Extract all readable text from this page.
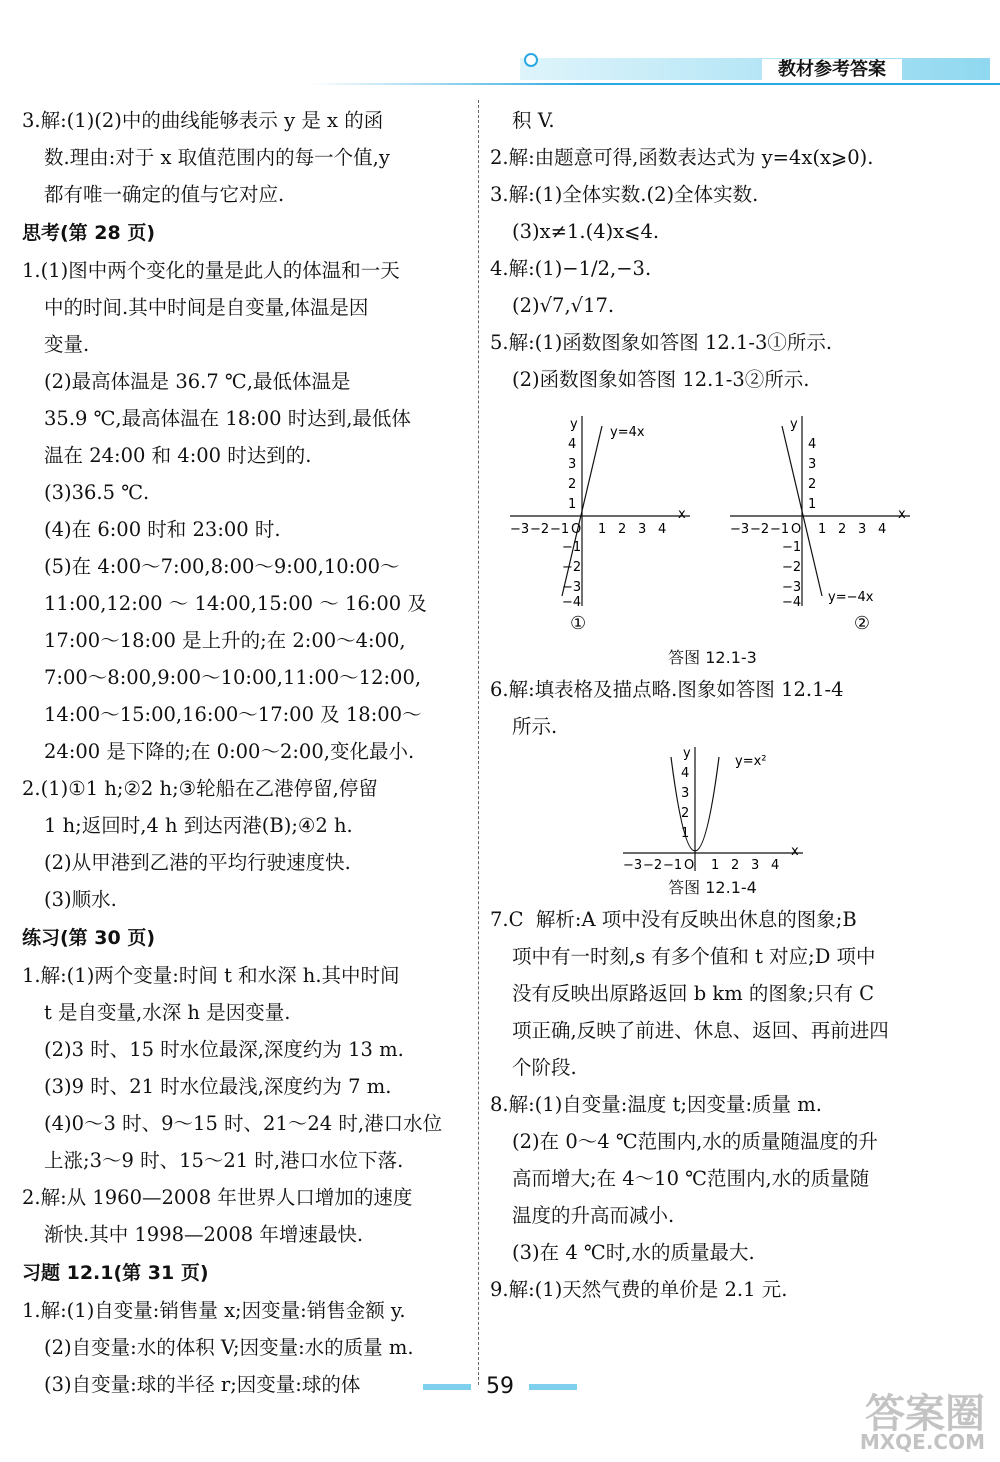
教材参考答案

3.解:(1)(2)中的曲线能够表示 y 是 x 的函

数.理由:对于 x 取值范围内的每一个值,y

都有唯一确定的值与它对应.

思考(第 28 页)

1.(1)图中两个变化的量是此人的体温和一天

中的时间.其中时间是自变量,体温是因

变量.

(2)最高体温是 36.7 ℃,最低体温是

35.9 ℃,最高体温在 18:00 时达到,最低体

温在 24:00 和 4:00 时达到的.

(3)36.5 ℃.

(4)在 6:00 时和 23:00 时.

(5)在 4:00～7:00,8:00～9:00,10:00～

11:00,12:00 ～ 14:00,15:00 ～ 16:00 及

17:00～18:00 是上升的;在 2:00～4:00,

7:00～8:00,9:00～10:00,11:00～12:00,

14:00～15:00,16:00～17:00 及 18:00～

24:00 是下降的;在 0:00～2:00,变化最小.

2.(1)①1 h;②2 h;③轮船在乙港停留,停留

1 h;返回时,4 h 到达丙港(B);④2 h.

(2)从甲港到乙港的平均行驶速度快.

(3)顺水.

练习(第 30 页)

1.解:(1)两个变量:时间 t 和水深 h.其中时间

t 是自变量,水深 h 是因变量.

(2)3 时、15 时水位最深,深度约为 13 m.

(3)9 时、21 时水位最浅,深度约为 7 m.

(4)0～3 时、9～15 时、21～24 时,港口水位

上涨;3～9 时、15～21 时,港口水位下落.

2.解:从 1960—2008 年世界人口增加的速度

渐快.其中 1998—2008 年增速最快.

习题 12.1(第 31 页)

1.解:(1)自变量:销售量 x;因变量:销售金额 y.

(2)自变量:水的体积 V;因变量:水的质量 m.

(3)自变量:球的半径 r;因变量:球的体

积 V.

2.解:由题意可得,函数表达式为 y=4x(x⩾0).

3.解:(1)全体实数.(2)全体实数.

(3)x≠1.(4)x⩽4.

4.解:(1)−1/2,−3.

(2)√7,√17.

5.解:(1)函数图象如答图 12.1-3①所示.

(2)函数图象如答图 12.1-3②所示.

x
y
O
y=4x
−3 −2 −1 1 2 3 4
4
3
2
1
−1
−2
−3
−4
x
y
O
y=−4x
−3 −2 −1 1 2 3 4
4
3
2
1
−1
−2
−3
−4
①	②
答图 12.1-3

6.解:填表格及描点略.图象如答图 12.1-4

所示.

x
y
O
y=x²
−3 −2 −1 1 2 3 4
4
3
2
1
答图 12.1-4

7.C  解析:A 项中没有反映出休息的图象;B

项中有一时刻,s 有多个值和 t 对应;D 项中

没有反映出原路返回 b km 的图象;只有 C

项正确,反映了前进、休息、返回、再前进四

个阶段.

8.解:(1)自变量:温度 t;因变量:质量 m.

(2)在 0～4 ℃范围内,水的质量随温度的升

高而增大;在 4～10 ℃范围内,水的质量随

温度的升高而减小.

(3)在 4 ℃时,水的质量最大.

9.解:(1)天然气费的单价是 2.1 元.

59
答案圈
MXQE.COM
